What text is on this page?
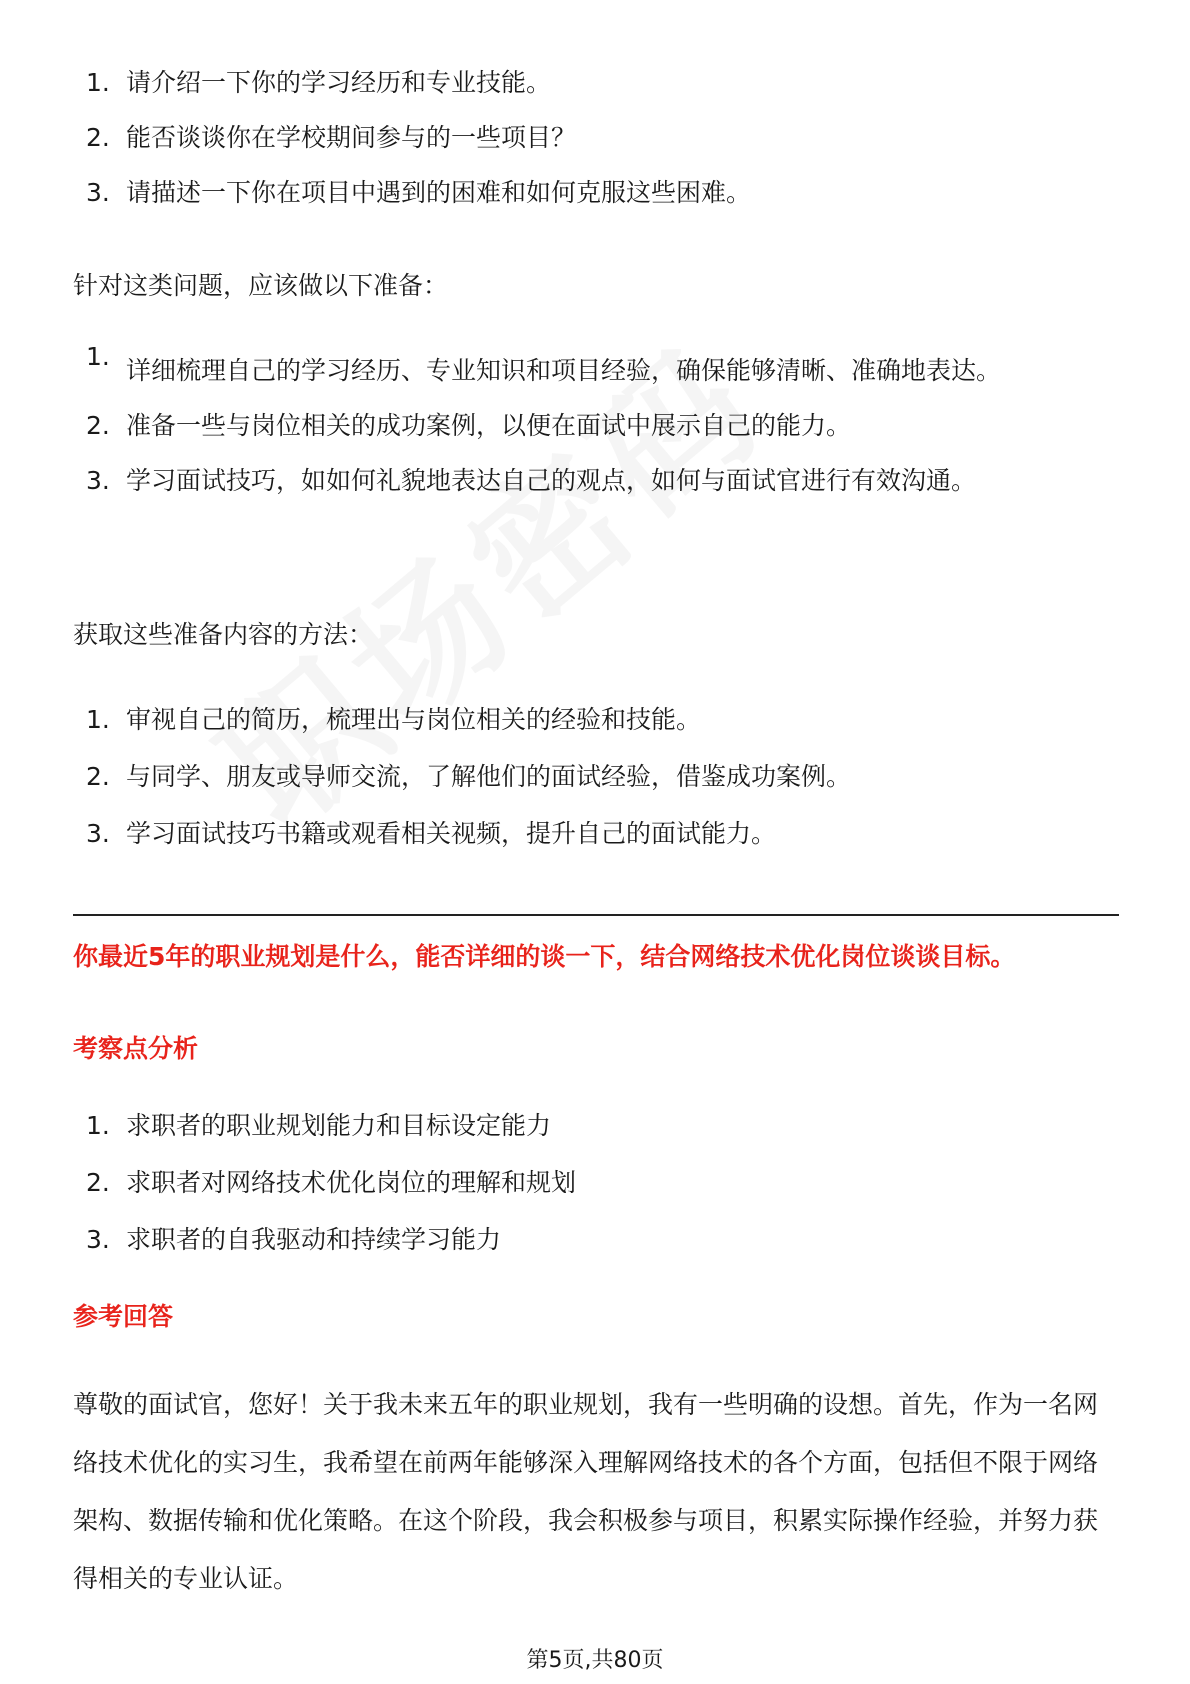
1. 请介绍一下你的学习经历和专业技能。
2. 能否谈谈你在学校期间参与的一些项目？
3. 请描述一下你在项目中遇到的困难和如何克服这些困难。
针对这类问题，应该做以下准备：
1. 详细梳理自己的学习经历、专业知识和项目经验，确保能够清晰、准确地表达。
2. 准备一些与岗位相关的成功案例，以便在面试中展示自己的能力。
3. 学习面试技巧，如如何礼貌地表达自己的观点，如何与面试官进行有效沟通。
获取这些准备内容的方法：
1. 审视自己的简历，梳理出与岗位相关的经验和技能。
2. 与同学、朋友或导师交流，了解他们的面试经验，借鉴成功案例。
3. 学习面试技巧书籍或观看相关视频，提升自己的面试能力。
你最近5年的职业规划是什么，能否详细的谈一下，结合网络技术优化岗位谈谈目标。
考察点分析
1. 求职者的职业规划能力和目标设定能力
2. 求职者对网络技术优化岗位的理解和规划
3. 求职者的自我驱动和持续学习能力
参考回答
尊敬的面试官，您好！关于我未来五年的职业规划，我有一些明确的设想。首先，作为一名网络技术优化的实习生，我希望在前两年能够深入理解网络技术的各个方面，包括但不限于网络架构、数据传输和优化策略。在这个阶段，我会积极参与项目，积累实际操作经验，并努力获得相关的专业认证。
第5页,共80页
